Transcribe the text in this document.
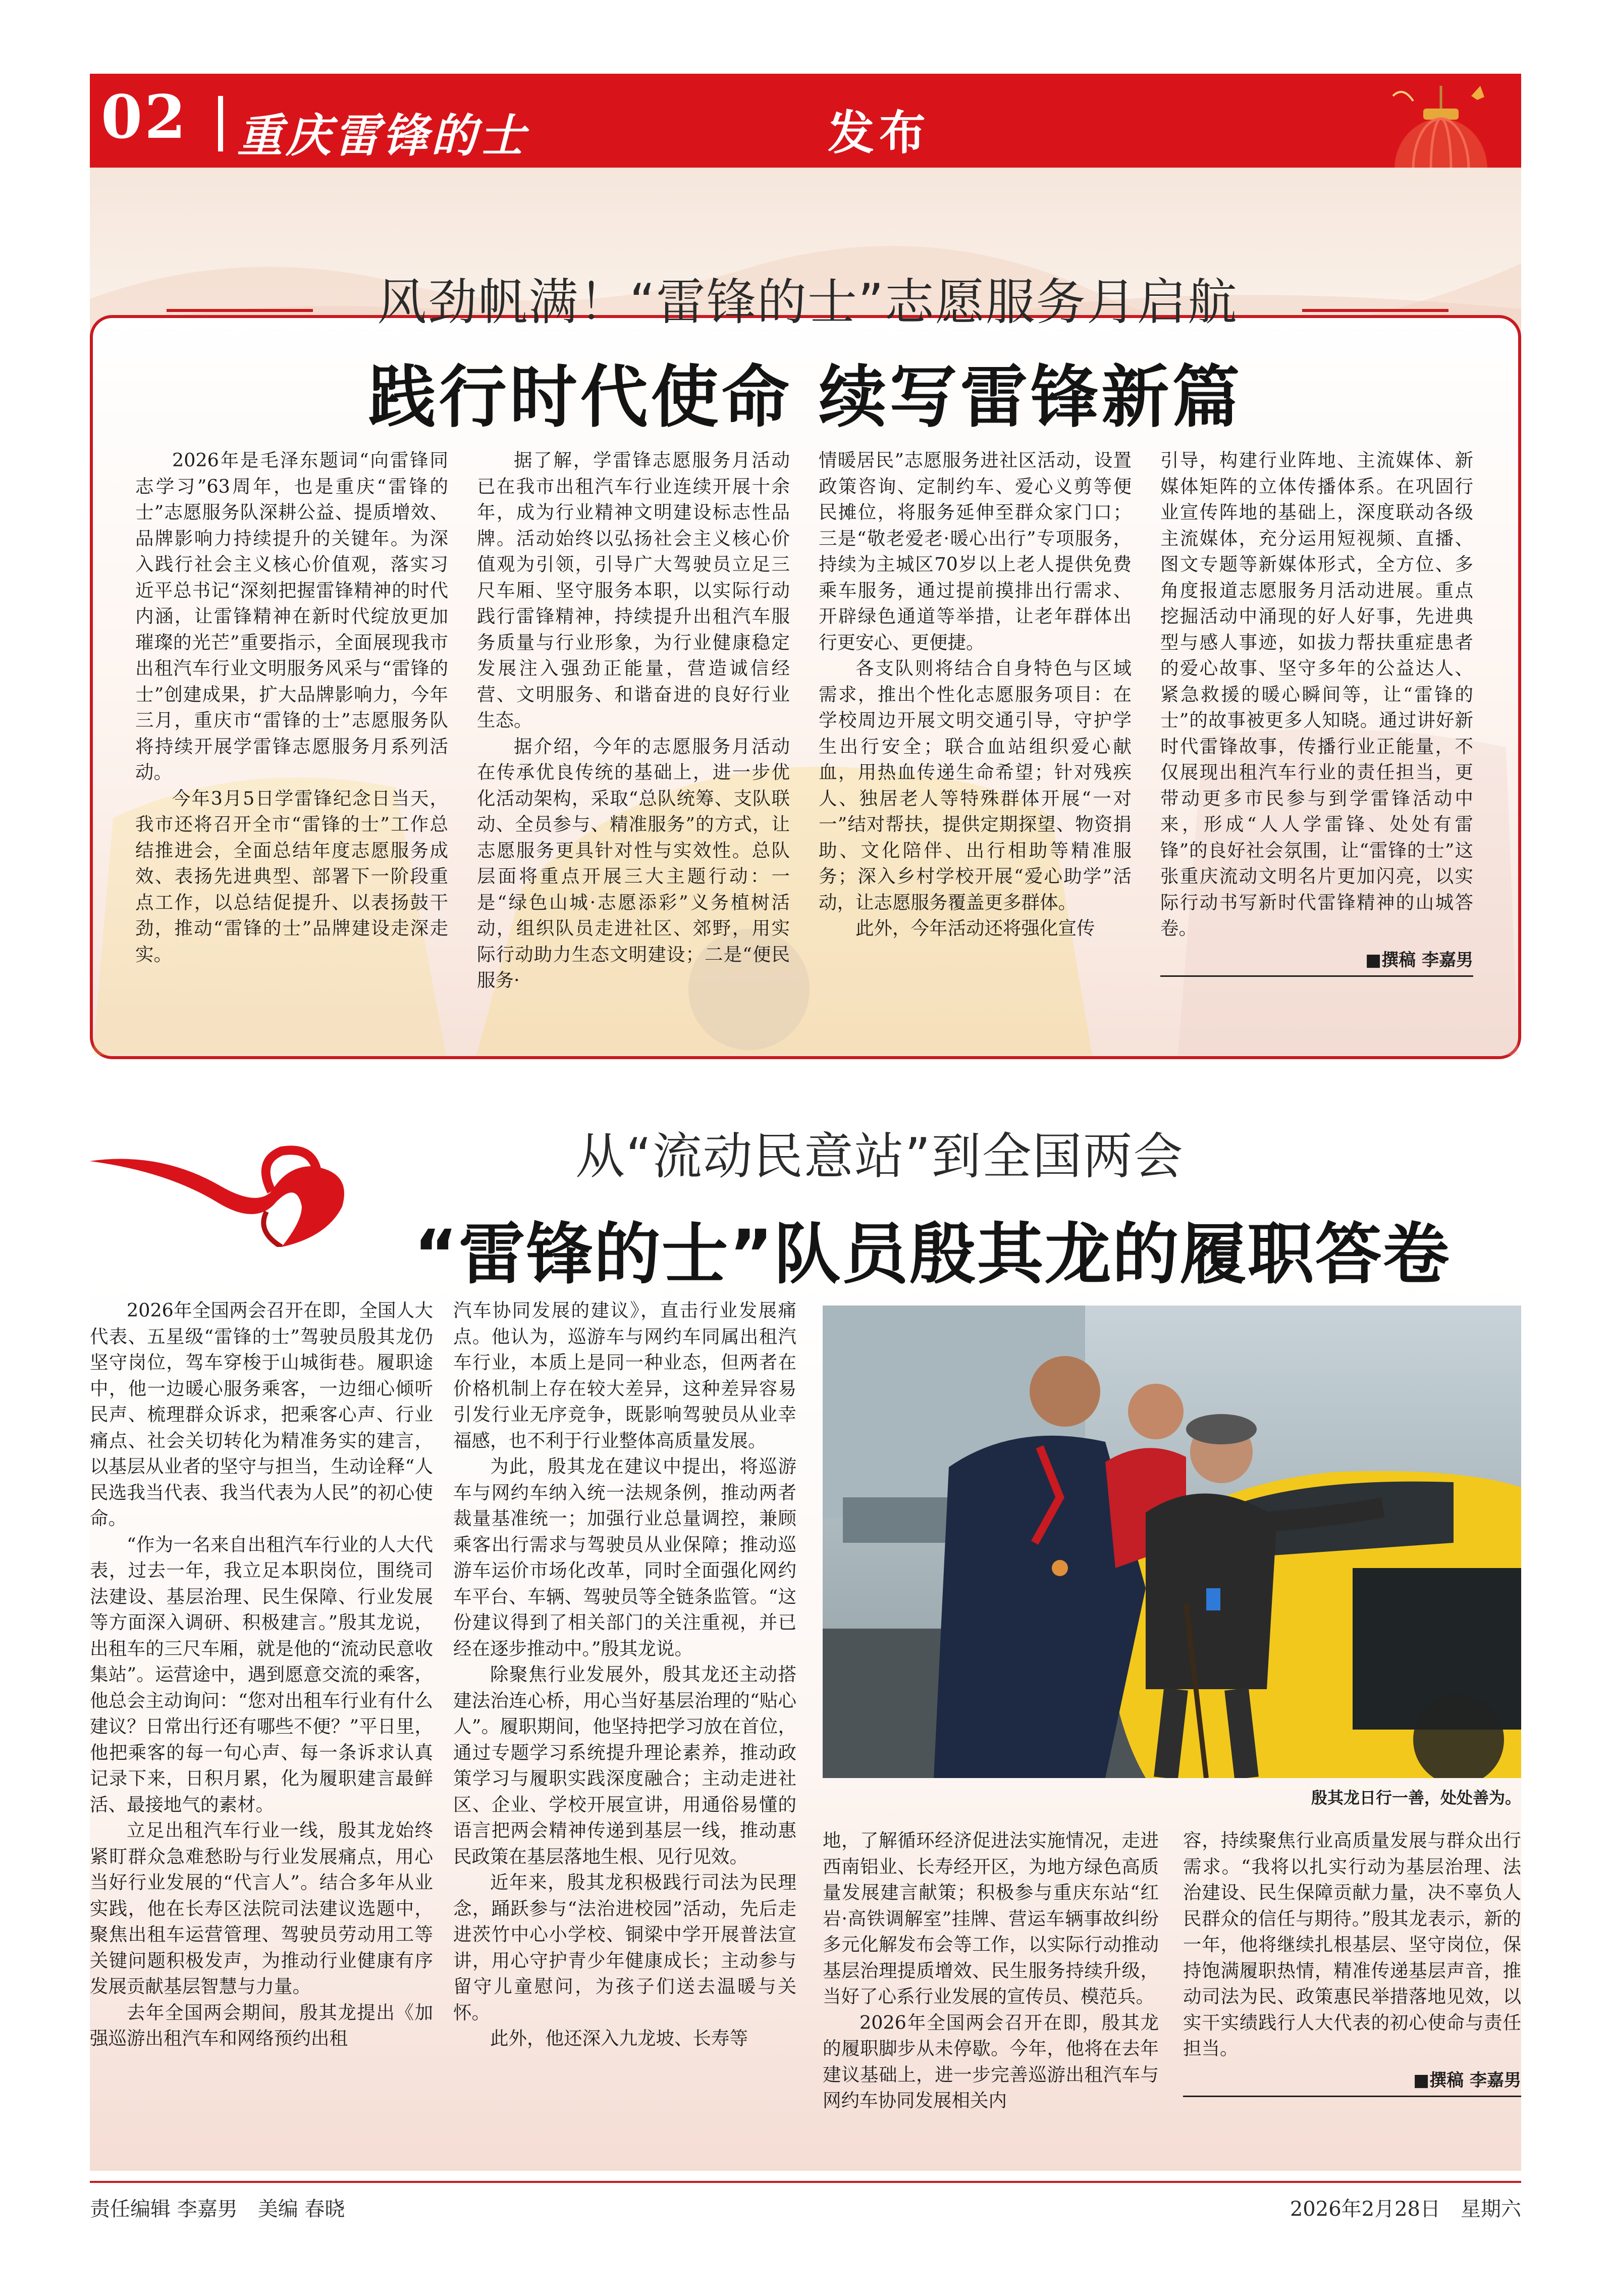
02 重庆雷锋的士	发布
风劲帆满！“雷锋的士”志愿服务月启航
践行时代使命 续写雷锋新篇

2026年是毛泽东题词“向雷锋同志学习”63周年，也是重庆“雷锋的士”志愿服务队深耕公益、提质增效、品牌影响力持续提升的关键年。为深入践行社会主义核心价值观，落实习近平总书记“深刻把握雷锋精神的时代内涵，让雷锋精神在新时代绽放更加璀璨的光芒”重要指示，全面展现我市出租汽车行业文明服务风采与“雷锋的士”创建成果，扩大品牌影响力，今年三月，重庆市“雷锋的士”志愿服务队将持续开展学雷锋志愿服务月系列活动。

今年3月5日学雷锋纪念日当天，我市还将召开全市“雷锋的士”工作总结推进会，全面总结年度志愿服务成效、表扬先进典型、部署下一阶段重点工作，以总结促提升、以表扬鼓干劲，推动“雷锋的士”品牌建设走深走实。

据了解，学雷锋志愿服务月活动已在我市出租汽车行业连续开展十余年，成为行业精神文明建设标志性品牌。活动始终以弘扬社会主义核心价值观为引领，引导广大驾驶员立足三尺车厢、坚守服务本职，以实际行动践行雷锋精神，持续提升出租汽车服务质量与行业形象，为行业健康稳定发展注入强劲正能量，营造诚信经营、文明服务、和谐奋进的良好行业生态。

据介绍，今年的志愿服务月活动在传承优良传统的基础上，进一步优化活动架构，采取“总队统筹、支队联动、全员参与、精准服务”的方式，让志愿服务更具针对性与实效性。总队层面将重点开展三大主题行动：一是“绿色山城·志愿添彩”义务植树活动，组织队员走进社区、郊野，用实际行动助力生态文明建设；二是“便民服务·

情暖居民”志愿服务进社区活动，设置政策咨询、定制约车、爱心义剪等便民摊位，将服务延伸至群众家门口；三是“敬老爱老·暖心出行”专项服务，持续为主城区70岁以上老人提供免费乘车服务，通过提前摸排出行需求、开辟绿色通道等举措，让老年群体出行更安心、更便捷。

各支队则将结合自身特色与区域需求，推出个性化志愿服务项目：在学校周边开展文明交通引导，守护学生出行安全；联合血站组织爱心献血，用热血传递生命希望；针对残疾人、独居老人等特殊群体开展“一对一”结对帮扶，提供定期探望、物资捐助、文化陪伴、出行相助等精准服务；深入乡村学校开展“爱心助学”活动，让志愿服务覆盖更多群体。

此外，今年活动还将强化宣传

引导，构建行业阵地、主流媒体、新媒体矩阵的立体传播体系。在巩固行业宣传阵地的基础上，深度联动各级主流媒体，充分运用短视频、直播、图文专题等新媒体形式，全方位、多角度报道志愿服务月活动进展。重点挖掘活动中涌现的好人好事，先进典型与感人事迹，如拔力帮扶重症患者的爱心故事、坚守多年的公益达人、紧急救援的暖心瞬间等，让“雷锋的士”的故事被更多人知晓。通过讲好新时代雷锋故事，传播行业正能量，不仅展现出租汽车行业的责任担当，更带动更多市民参与到学雷锋活动中来，形成“人人学雷锋、处处有雷锋”的良好社会氛围，让“雷锋的士”这张重庆流动文明名片更加闪亮，以实际行动书写新时代雷锋精神的山城答卷。

■撰稿 李嘉男
从“流动民意站”到全国两会
“雷锋的士”队员殷其龙的履职答卷

2026年全国两会召开在即，全国人大代表、五星级“雷锋的士”驾驶员殷其龙仍坚守岗位，驾车穿梭于山城街巷。履职途中，他一边暖心服务乘客，一边细心倾听民声、梳理群众诉求，把乘客心声、行业痛点、社会关切转化为精准务实的建言，以基层从业者的坚守与担当，生动诠释“人民选我当代表、我当代表为人民”的初心使命。

“作为一名来自出租汽车行业的人大代表，过去一年，我立足本职岗位，围绕司法建设、基层治理、民生保障、行业发展等方面深入调研、积极建言。”殷其龙说，出租车的三尺车厢，就是他的“流动民意收集站”。运营途中，遇到愿意交流的乘客，他总会主动询问：“您对出租车行业有什么建议？日常出行还有哪些不便？”平日里，他把乘客的每一句心声、每一条诉求认真记录下来，日积月累，化为履职建言最鲜活、最接地气的素材。

立足出租汽车行业一线，殷其龙始终紧盯群众急难愁盼与行业发展痛点，用心当好行业发展的“代言人”。结合多年从业实践，他在长寿区法院司法建议选题中，聚焦出租车运营管理、驾驶员劳动用工等关键问题积极发声，为推动行业健康有序发展贡献基层智慧与力量。

去年全国两会期间，殷其龙提出《加强巡游出租汽车和网络预约出租

汽车协同发展的建议》，直击行业发展痛点。他认为，巡游车与网约车同属出租汽车行业，本质上是同一种业态，但两者在价格机制上存在较大差异，这种差异容易引发行业无序竞争，既影响驾驶员从业幸福感，也不利于行业整体高质量发展。

为此，殷其龙在建议中提出，将巡游车与网约车纳入统一法规条例，推动两者裁量基准统一；加强行业总量调控，兼顾乘客出行需求与驾驶员从业保障；推动巡游车运价市场化改革，同时全面强化网约车平台、车辆、驾驶员等全链条监管。“这份建议得到了相关部门的关注重视，并已经在逐步推动中。”殷其龙说。

除聚焦行业发展外，殷其龙还主动搭建法治连心桥，用心当好基层治理的“贴心人”。履职期间，他坚持把学习放在首位，通过专题学习系统提升理论素养，推动政策学习与履职实践深度融合；主动走进社区、企业、学校开展宣讲，用通俗易懂的语言把两会精神传递到基层一线，推动惠民政策在基层落地生根、见行见效。

近年来，殷其龙积极践行司法为民理念，踊跃参与“法治进校园”活动，先后走进茨竹中心小学校、铜梁中学开展普法宣讲，用心守护青少年健康成长；主动参与留守儿童慰问，为孩子们送去温暖与关怀。

此外，他还深入九龙坡、长寿等

殷其龙日行一善，处处善为。

地，了解循环经济促进法实施情况，走进西南铝业、长寿经开区，为地方绿色高质量发展建言献策；积极参与重庆东站“红岩·高铁调解室”挂牌、营运车辆事故纠纷多元化解发布会等工作，以实际行动推动基层治理提质增效、民生服务持续升级，当好了心系行业发展的宣传员、模范兵。

2026年全国两会召开在即，殷其龙的履职脚步从未停歇。今年，他将在去年建议基础上，进一步完善巡游出租汽车与网约车协同发展相关内

容，持续聚焦行业高质量发展与群众出行需求。“我将以扎实行动为基层治理、法治建设、民生保障贡献力量，决不辜负人民群众的信任与期待。”殷其龙表示，新的一年，他将继续扎根基层、坚守岗位，保持饱满履职热情，精准传递基层声音，推动司法为民、政策惠民举措落地见效，以实干实绩践行人大代表的初心使命与责任担当。

■撰稿 李嘉男
责任编辑 李嘉男　美编 春晓	2026年2月28日　星期六
